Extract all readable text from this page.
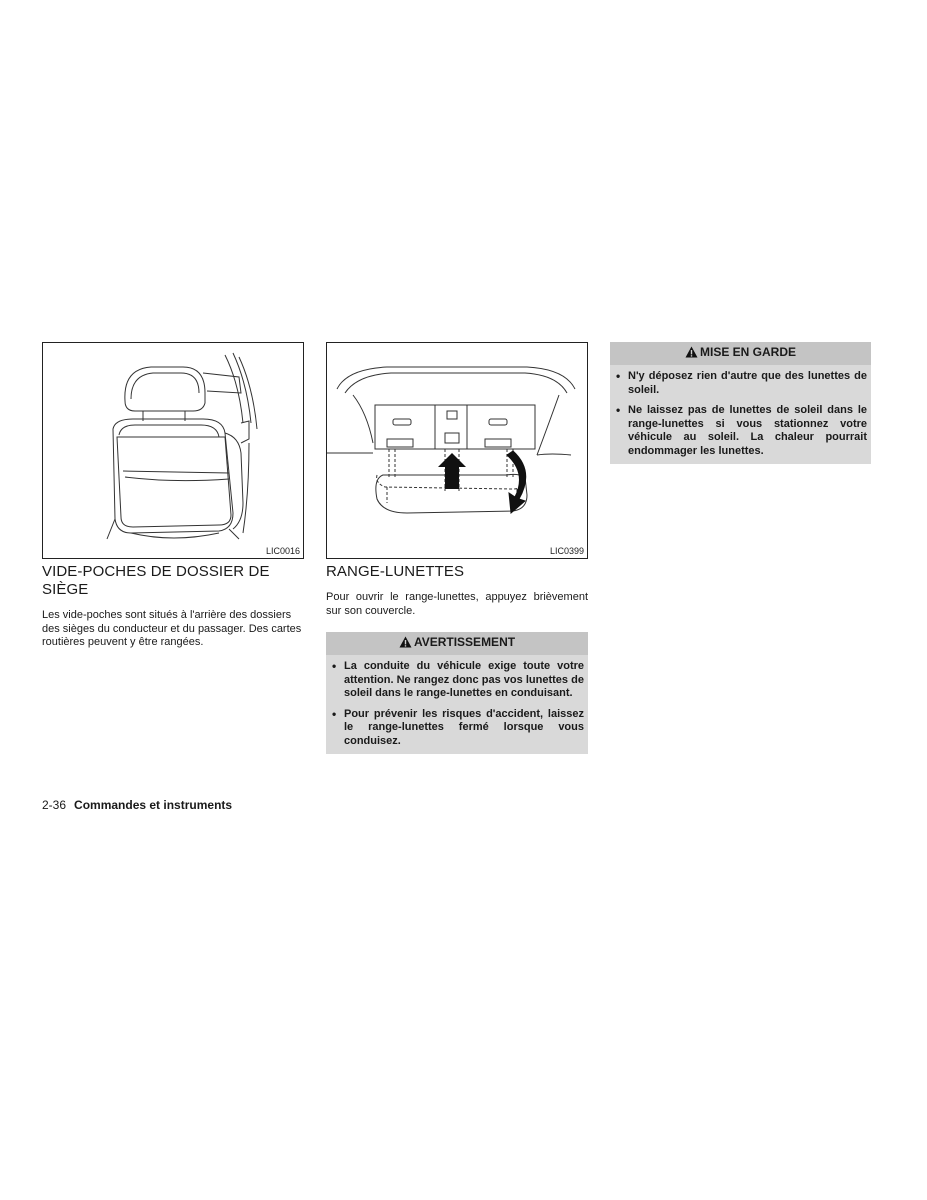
LIC0016
VIDE-POCHES DE DOSSIER DE SIÈGE

Les vide-poches sont situés à l'arrière des dossiers des sièges du conducteur et du passager. Des cartes routières peuvent y être rangées.

LIC0399
RANGE-LUNETTES

Pour ouvrir le range-lunettes, appuyez brièvement sur son couvercle.

AVERTISSEMENT
• La conduite du véhicule exige toute votre attention. Ne rangez donc pas vos lunettes de soleil dans le range-lunettes en conduisant.
• Pour prévenir les risques d'accident, laissez le range-lunettes fermé lorsque vous conduisez.
MISE EN GARDE
• N'y déposez rien d'autre que des lunettes de soleil.
• Ne laissez pas de lunettes de soleil dans le range-lunettes si vous stationnez votre véhicule au soleil. La chaleur pourrait endommager les lunettes.
2-36 Commandes et instruments
